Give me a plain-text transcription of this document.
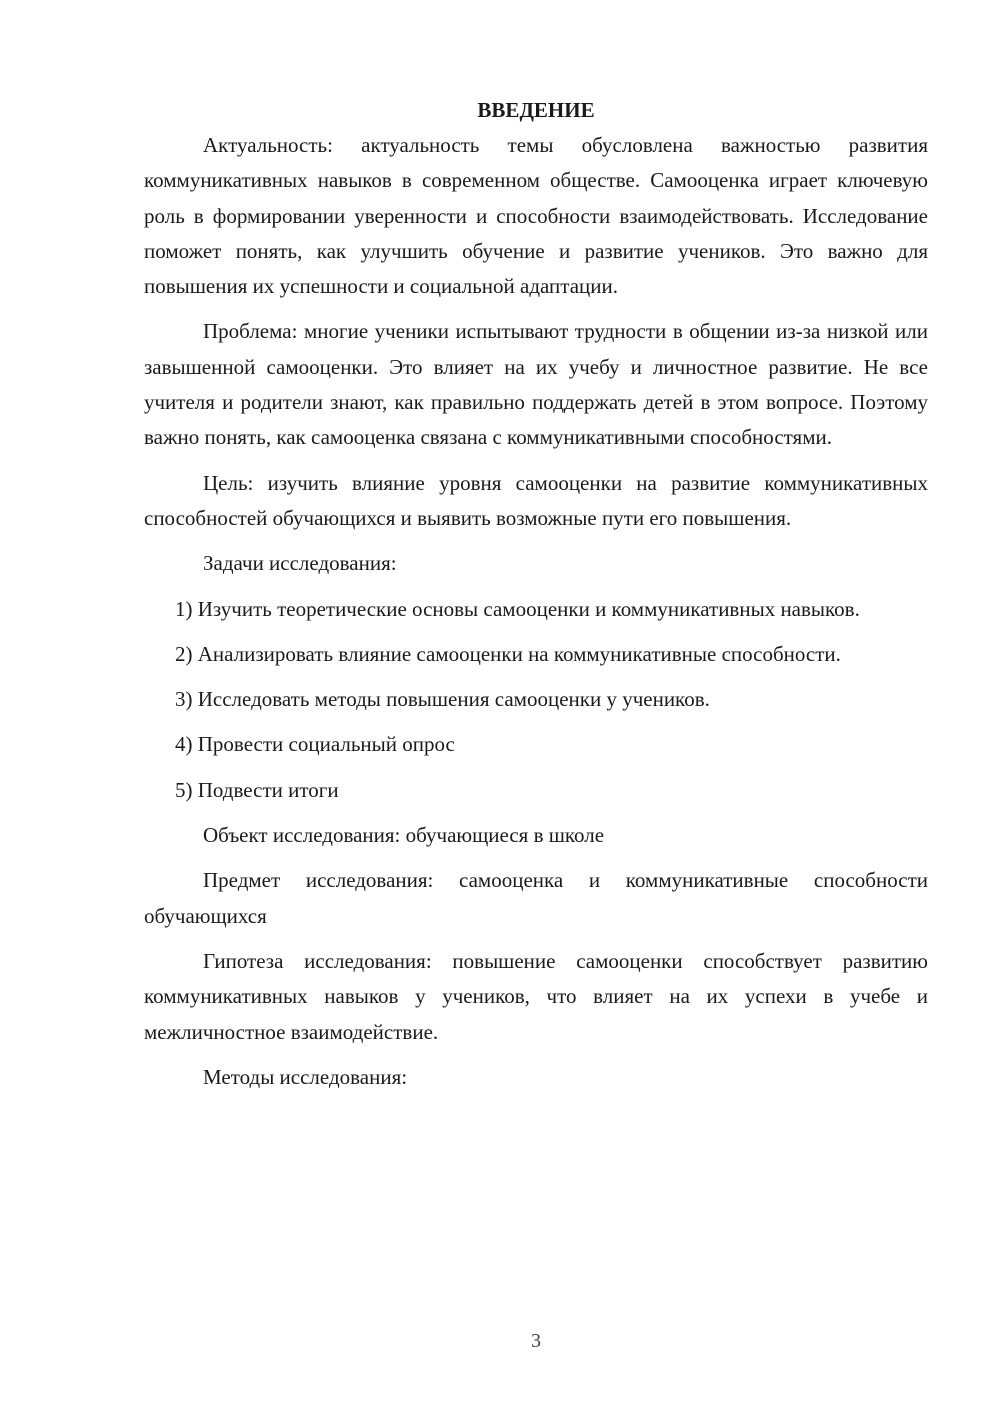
ВВЕДЕНИЕ

Актуальность: актуальность темы обусловлена важностью развития коммуникативных навыков в современном обществе. Самооценка играет ключевую роль в формировании уверенности и способности взаимодействовать. Исследование поможет понять, как улучшить обучение и развитие учеников. Это важно для повышения их успешности и социальной адаптации.

Проблема: многие ученики испытывают трудности в общении из-за низкой или завышенной самооценки. Это влияет на их учебу и личностное развитие. Не все учителя и родители знают, как правильно поддержать детей в этом вопросе. Поэтому важно понять, как самооценка связана с коммуникативными способностями.

Цель: изучить влияние уровня самооценки на развитие коммуникативных способностей обучающихся и выявить возможные пути его повышения.

Задачи исследования:

1) Изучить теоретические основы самооценки и коммуникативных навыков.

2) Анализировать влияние самооценки на коммуникативные способности.

3) Исследовать методы повышения самооценки у учеников.

4) Провести социальный опрос

5) Подвести итоги

Объект исследования: обучающиеся в школе

Предмет исследования: самооценка и коммуникативные способности обучающихся

Гипотеза исследования: повышение самооценки способствует развитию коммуникативных навыков у учеников, что влияет на их успехи в учебе и межличностное взаимодействие.

Методы исследования:

3
